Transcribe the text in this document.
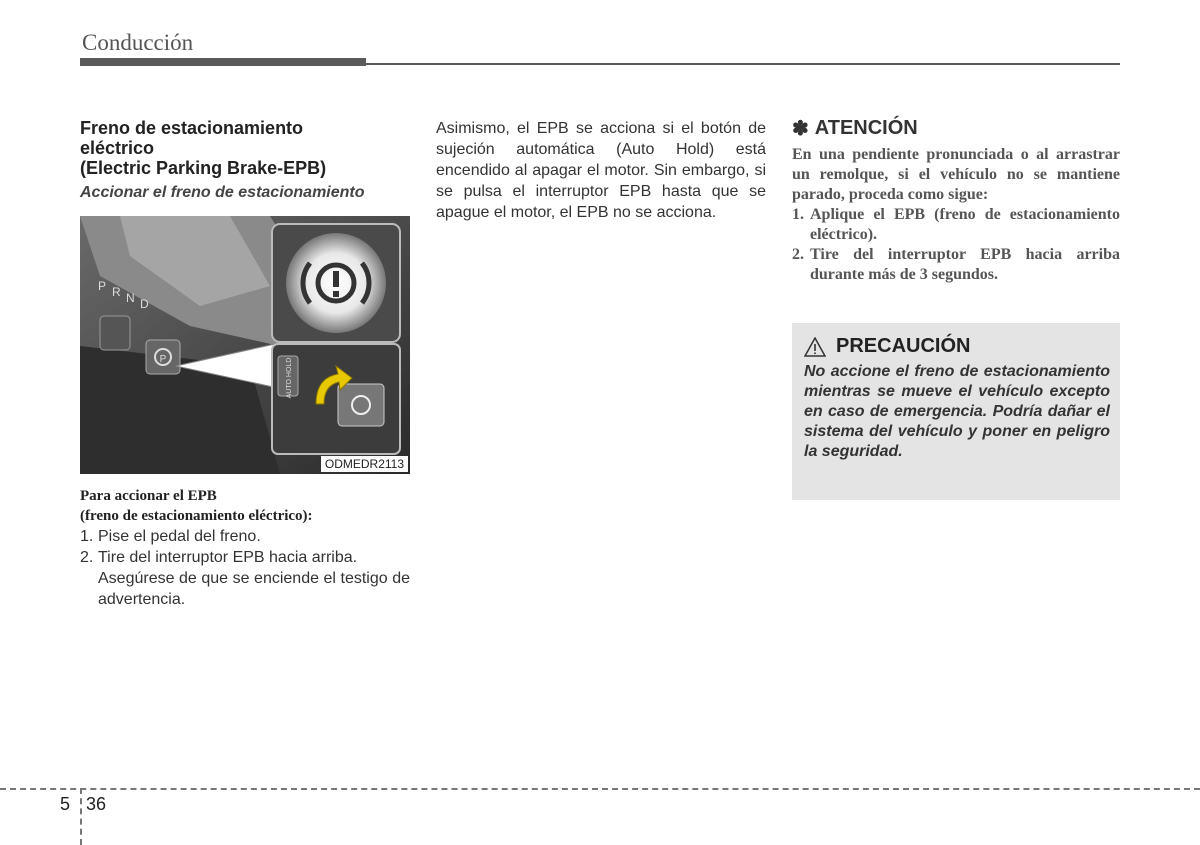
Conducción
Freno de estacionamiento
eléctrico
(Electric Parking Brake-EPB)
Accionar el freno de estacionamiento
P
P R N D
AUTO HOLD
ODMEDR2113
Para accionar el EPB
(freno de estacionamiento eléctrico):
1. Pise el pedal del freno.
2. Tire del interruptor EPB hacia arriba.
Asegúrese de que se enciende el testigo de advertencia.
Asimismo, el EPB se acciona si el botón de sujeción automática (Auto Hold) está encendido al apagar el motor. Sin embargo, si se pulsa el interruptor EPB hasta que se apague el motor, el EPB no se acciona.
✽ ATENCIÓN
En una pendiente pronunciada o al arrastrar un remolque, si el vehículo no se mantiene parado, proceda como sigue:
1. Aplique el EPB (freno de estacionamiento eléctrico).
2. Tire del interruptor EPB hacia arriba durante más de 3 segundos.
PRECAUCIÓN
No accione el freno de estacionamiento mientras se mueve el vehículo excepto en caso de emergencia. Podría dañar el sistema del vehículo y poner en peligro la seguridad.
5 36
